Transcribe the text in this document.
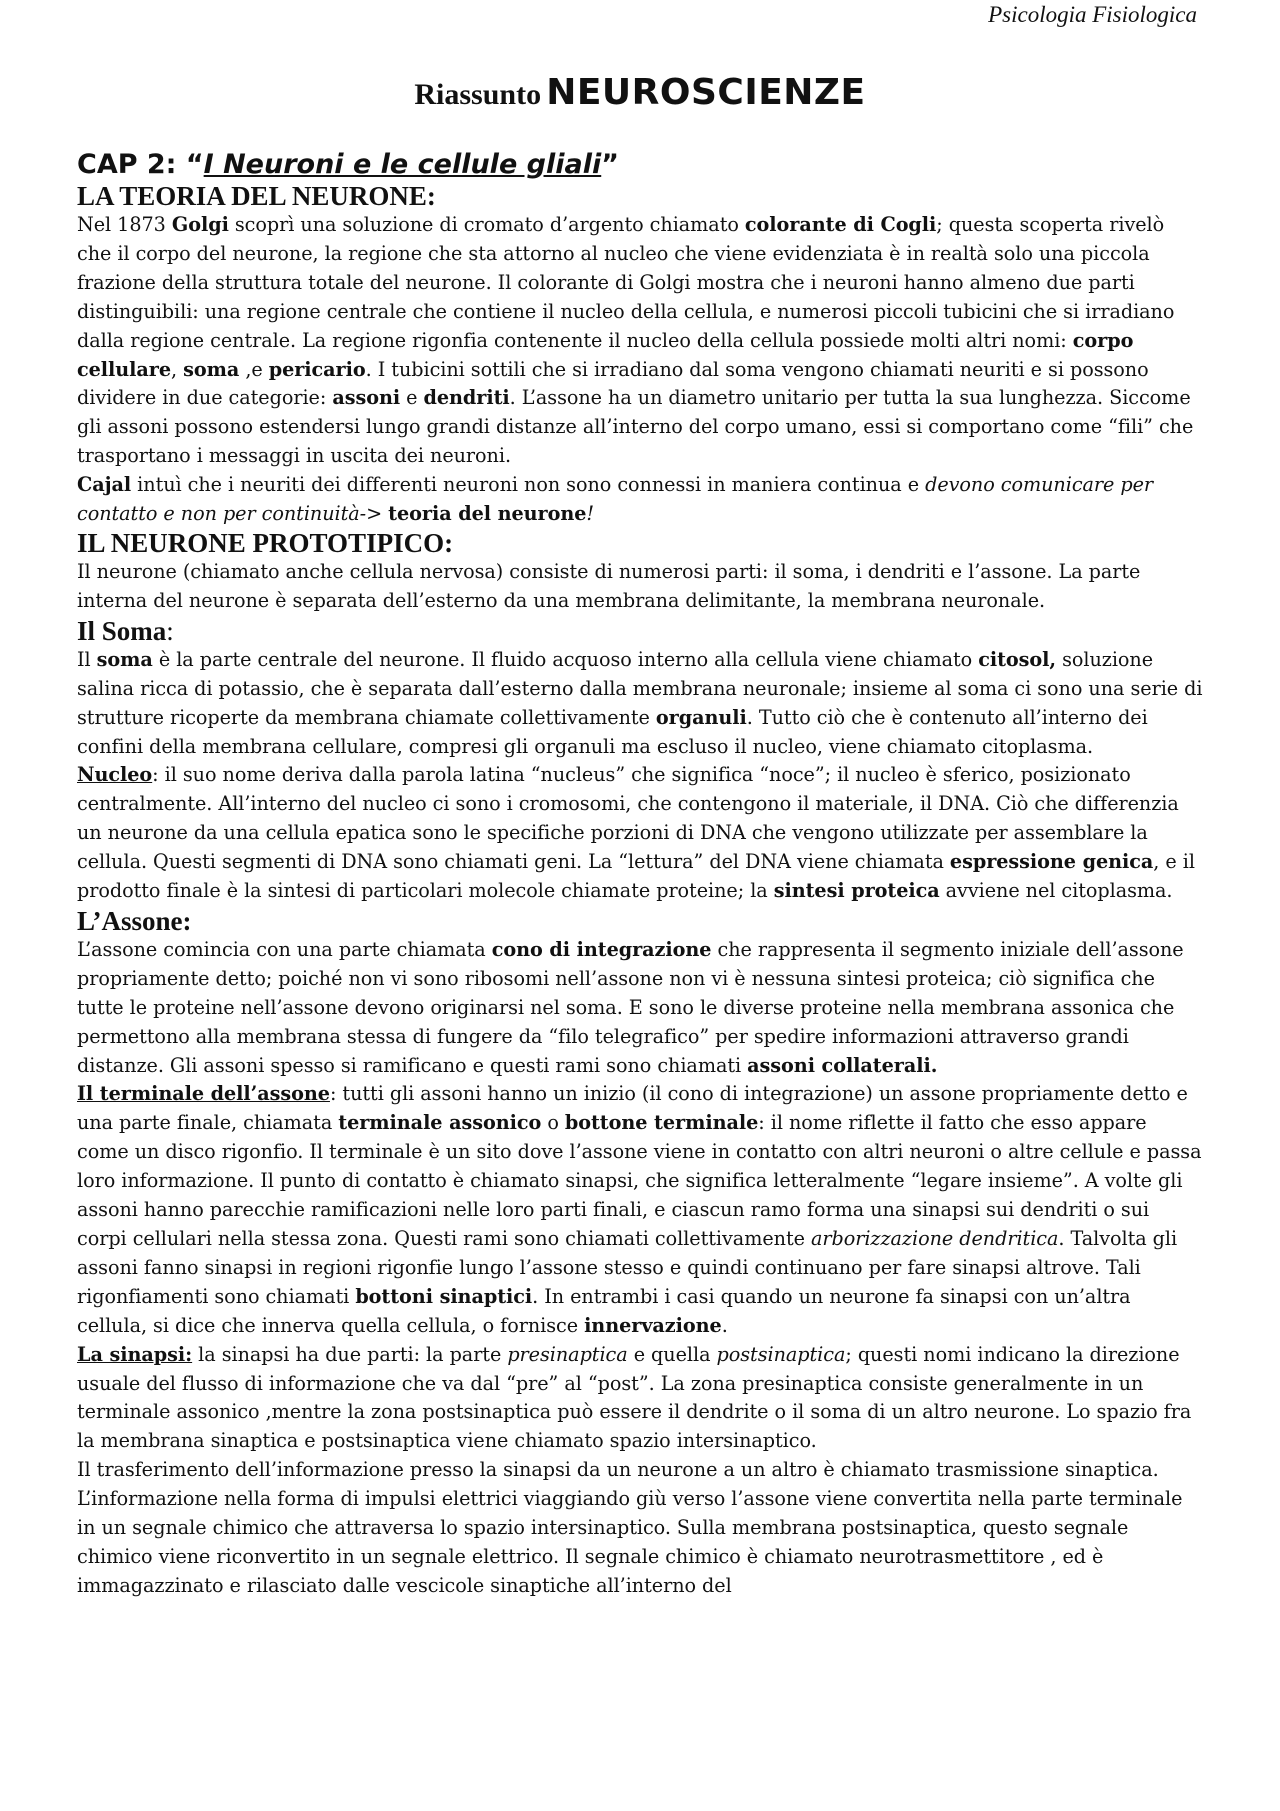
Psicologia Fisiologica
Riassunto NEUROSCIENZE
CAP 2: “I Neuroni e le cellule gliali”
LA TEORIA DEL NEURONE:

Nel 1873 Golgi scoprì una soluzione di cromato d’argento chiamato colorante di Cogli; questa scoperta rivelò che il corpo del neurone, la regione che sta attorno al nucleo che viene evidenziata è in realtà solo una piccola frazione della struttura totale del neurone. Il colorante di Golgi mostra che i neuroni hanno almeno due parti distinguibili: una regione centrale che contiene il nucleo della cellula, e numerosi piccoli tubicini che si irradiano dalla regione centrale. La regione rigonfia contenente il nucleo della cellula possiede molti altri nomi: corpo cellulare, soma ,e pericario. I tubicini sottili che si irradiano dal soma vengono chiamati neuriti e si possono dividere in due categorie: assoni e dendriti. L’assone ha un diametro unitario per tutta la sua lunghezza. Siccome gli assoni possono estendersi lungo grandi distanze all’interno del corpo umano, essi si comportano come “fili” che trasportano i messaggi in uscita dei neuroni.

Cajal intuì che i neuriti dei differenti neuroni non sono connessi in maniera continua e devono comunicare per contatto e non per continuità-> teoria del neurone!

IL NEURONE PROTOTIPICO:

Il neurone (chiamato anche cellula nervosa) consiste di numerosi parti: il soma, i dendriti e l’assone. La parte interna del neurone è separata dell’esterno da una membrana delimitante, la membrana neuronale.

Il Soma:

Il soma è la parte centrale del neurone. Il fluido acquoso interno alla cellula viene chiamato citosol, soluzione salina ricca di potassio, che è separata dall’esterno dalla membrana neuronale; insieme al soma ci sono una serie di strutture ricoperte da membrana chiamate collettivamente organuli. Tutto ciò che è contenuto all’interno dei confini della membrana cellulare, compresi gli organuli ma escluso il nucleo, viene chiamato citoplasma.

Nucleo: il suo nome deriva dalla parola latina “nucleus” che significa “noce”; il nucleo è sferico, posizionato centralmente. All’interno del nucleo ci sono i cromosomi, che contengono il materiale, il DNA. Ciò che differenzia un neurone da una cellula epatica sono le specifiche porzioni di DNA che vengono utilizzate per assemblare la cellula. Questi segmenti di DNA sono chiamati geni. La “lettura” del DNA viene chiamata espressione genica, e il prodotto finale è la sintesi di particolari molecole chiamate proteine; la sintesi proteica avviene nel citoplasma.

L’Assone:

L’assone comincia con una parte chiamata cono di integrazione che rappresenta il segmento iniziale dell’assone propriamente detto; poiché non vi sono ribosomi nell’assone non vi è nessuna sintesi proteica; ciò significa che tutte le proteine nell’assone devono originarsi nel soma. E sono le diverse proteine nella membrana assonica che permettono alla membrana stessa di fungere da “filo telegrafico” per spedire informazioni attraverso grandi distanze. Gli assoni spesso si ramificano e questi rami sono chiamati assoni collaterali.

Il terminale dell’assone: tutti gli assoni hanno un inizio (il cono di integrazione) un assone propriamente detto e una parte finale, chiamata terminale assonico o bottone terminale: il nome riflette il fatto che esso appare come un disco rigonfio. Il terminale è un sito dove l’assone viene in contatto con altri neuroni o altre cellule e passa loro informazione. Il punto di contatto è chiamato sinapsi, che significa letteralmente “legare insieme”. A volte gli assoni hanno parecchie ramificazioni nelle loro parti finali, e ciascun ramo forma una sinapsi sui dendriti o sui corpi cellulari nella stessa zona. Questi rami sono chiamati collettivamente arborizzazione dendritica. Talvolta gli assoni fanno sinapsi in regioni rigonfie lungo l’assone stesso e quindi continuano per fare sinapsi altrove. Tali rigonfiamenti sono chiamati bottoni sinaptici. In entrambi i casi quando un neurone fa sinapsi con un’altra cellula, si dice che innerva quella cellula, o fornisce innervazione.

La sinapsi: la sinapsi ha due parti: la parte presinaptica e quella postsinaptica; questi nomi indicano la direzione usuale del flusso di informazione che va dal “pre” al “post”. La zona presinaptica consiste generalmente in un terminale assonico ,mentre la zona postsinaptica può essere il dendrite o il soma di un altro neurone. Lo spazio fra la membrana sinaptica e postsinaptica viene chiamato spazio intersinaptico.

Il trasferimento dell’informazione presso la sinapsi da un neurone a un altro è chiamato trasmissione sinaptica. L’informazione nella forma di impulsi elettrici viaggiando giù verso l’assone viene convertita nella parte terminale in un segnale chimico che attraversa lo spazio intersinaptico. Sulla membrana postsinaptica, questo segnale chimico viene riconvertito in un segnale elettrico. Il segnale chimico è chiamato neurotrasmettitore , ed è immagazzinato e rilasciato dalle vescicole sinaptiche all’interno del
